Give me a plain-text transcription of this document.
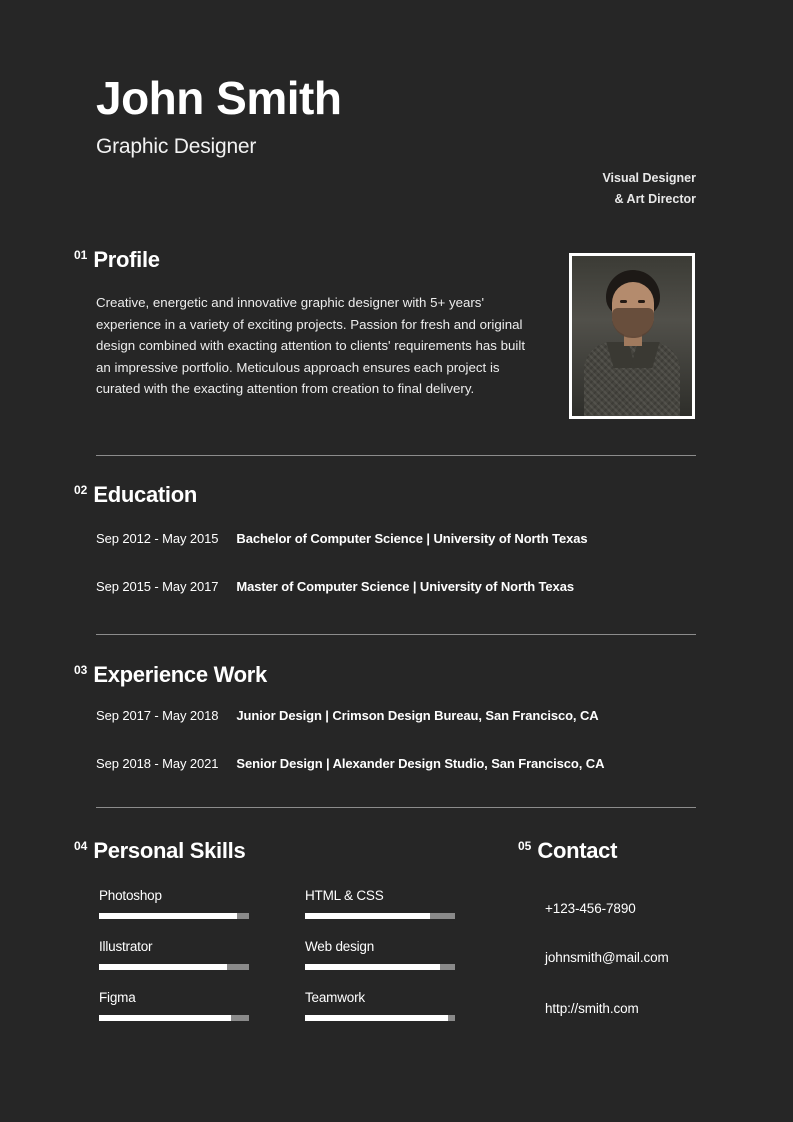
John Smith
Graphic Designer
Visual Designer
& Art Director
01 Profile
Creative, energetic and innovative graphic designer with 5+ years' experience in a variety of exciting projects. Passion for fresh and original design combined with exacting attention to clients' requirements has built an impressive portfolio. Meticulous approach ensures each project is curated with the exacting attention from creation to final delivery.
02 Education
Sep 2012 - May 2015 Bachelor of Computer Science | University of North Texas
Sep 2015 - May 2017 Master of Computer Science | University of North Texas
03 Experience Work
Sep 2017 - May 2018 Junior Design | Crimson Design Bureau, San Francisco, CA
Sep 2018 - May 2021 Senior Design | Alexander Design Studio, San Francisco, CA
04 Personal Skills
Photoshop
Illustrator
Figma
HTML & CSS
Web design
Teamwork
05 Contact
+123-456-7890
johnsmith@mail.com
http://smith.com
